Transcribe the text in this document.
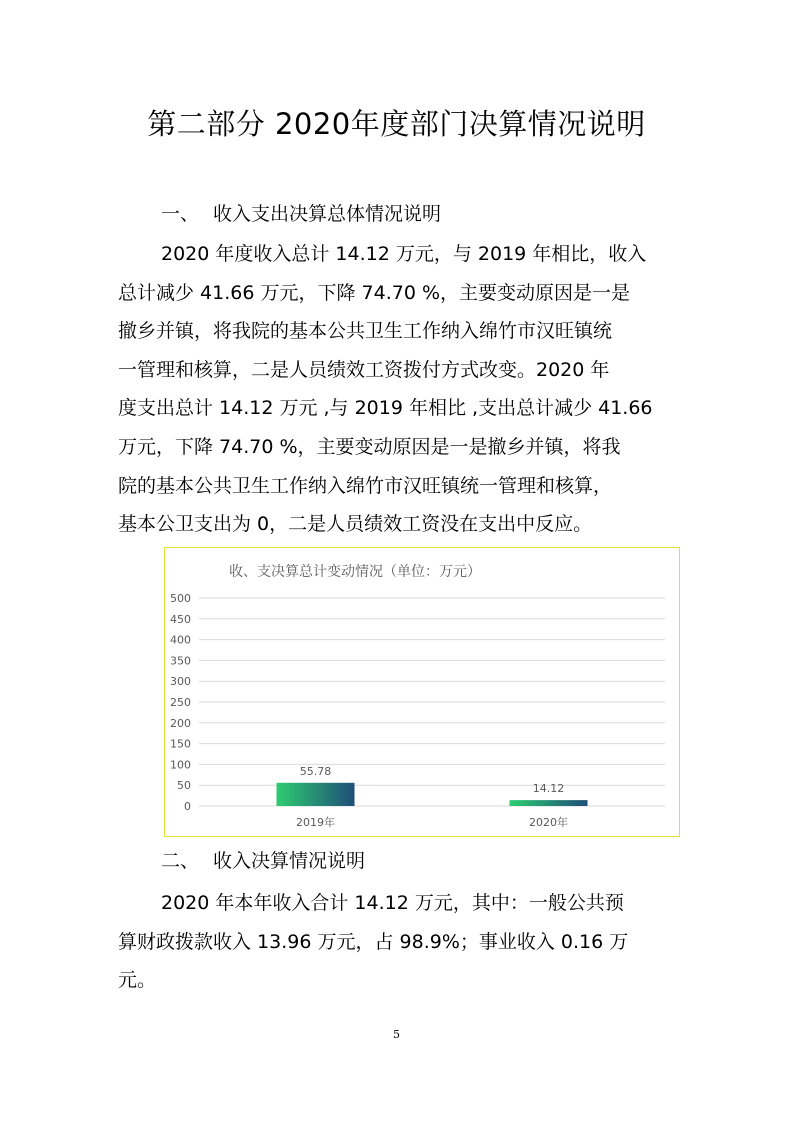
第二部分 2020年度部门决算情况说明
一、 收入支出决算总体情况说明
2020 年度收入总计 14.12 万元，与 2019 年相比，收入
总计减少 41.66 万元，下降 74.70 %，主要变动原因是一是
撤乡并镇，将我院的基本公共卫生工作纳入绵竹市汉旺镇统
一管理和核算，二是人员绩效工资拨付方式改变。2020 年
度支出总计 14.12 万元 ,与 2019 年相比 ,支出总计减少 41.66
万元，下降 74.70 %，主要变动原因是一是撤乡并镇，将我
院的基本公共卫生工作纳入绵竹市汉旺镇统一管理和核算，
基本公卫支出为 0，二是人员绩效工资没在支出中反应。
收、支决算总计变动情况（单位：万元）
0
50
100
150
200
250
300
350
400
450
500
55.78
2019年
14.12
2020年
二、 收入决算情况说明
2020 年本年收入合计 14.12 万元，其中：一般公共预
算财政拨款收入 13.96 万元，占 98.9%；事业收入 0.16 万
元。
5
